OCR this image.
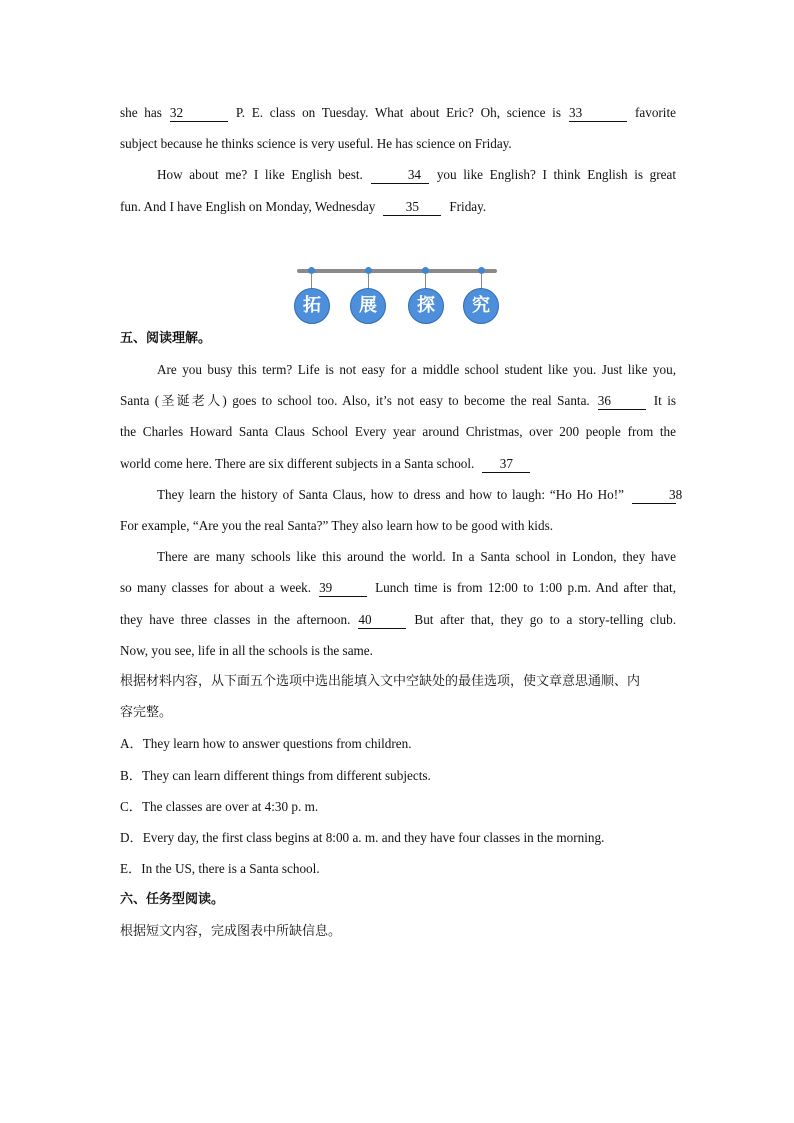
she has 32	P. E. class on Tuesday. What about Eric? Oh, science is 33	favorite
subject because he thinks science is very useful. He has science on Friday.
How about me? I like English best.	34 you like English? I think English is great
fun. And I have English on Monday, Wednesday 35 Friday.
五、阅读理解。
Are you busy this term? Life is not easy for a middle school student like you. Just like you,
Santa (圣诞老人) goes to school too. Also, it’s not easy to become the real Santa. 36	It is
the Charles Howard Santa Claus School Every year around Christmas, over 200 people from the
world come here. There are six different subjects in a Santa school. 37
They learn the history of Santa Claus, how to dress and how to laugh: “Ho Ho Ho!”	38
For example, “Are you the real Santa?” They also learn how to be good with kids.
There are many schools like this around the world. In a Santa school in London, they have
so many classes for about a week. 39	Lunch time is from 12:00 to 1:00 p.m. And after that,
they have three classes in the afternoon. 40	But after that, they go to a story-telling club.
Now, you see, life in all the schools is the same.
根据材料内容，从下面五个选项中选出能填入文中空缺处的最佳选项，使文章意思通顺、内
容完整。
A．They learn how to answer questions from children.
B．They can learn different things from different subjects.
C．The classes are over at 4:30 p. m.
D．Every day, the first class begins at 8:00 a. m. and they have four classes in the morning.
E．In the US, there is a Santa school.
六、任务型阅读。
根据短文内容，完成图表中所缺信息。
拓	展	探	究
